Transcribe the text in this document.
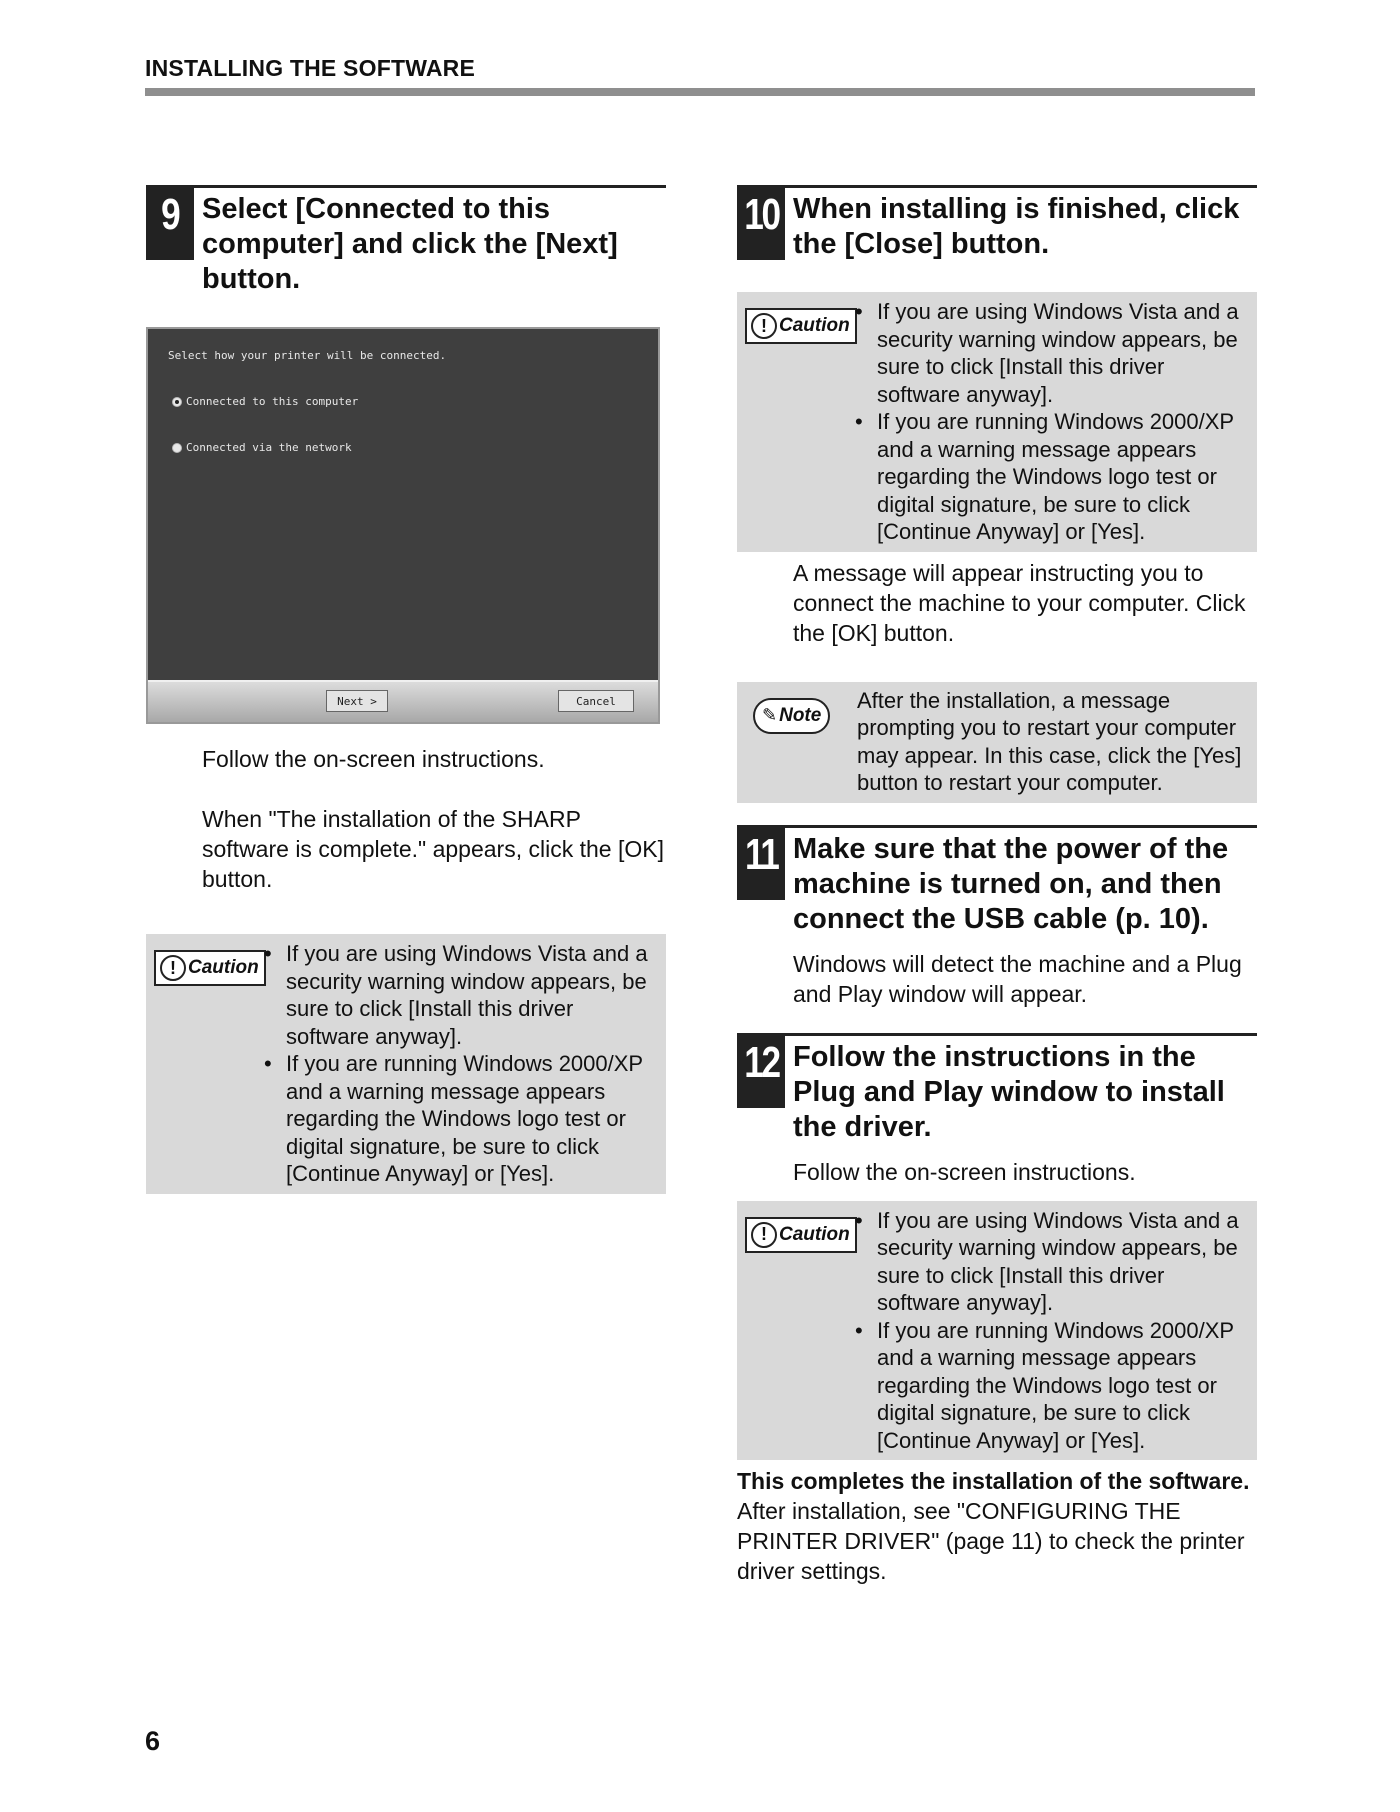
INSTALLING THE SOFTWARE
9 Select [Connected to this computer] and click the [Next] button.
Select how your printer will be connected.
Connected to this computer
Connected via the network
Next >	Cancel
Follow the on-screen instructions.
When "The installation of the SHARP software is complete." appears, click the [OK] button.
! Caution
• If you are using Windows Vista and a security warning window appears, be sure to click [Install this driver software anyway].
• If you are running Windows 2000/XP and a warning message appears regarding the Windows logo test or digital signature, be sure to click [Continue Anyway] or [Yes].
10 When installing is finished, click the [Close] button.
! Caution
• If you are using Windows Vista and a security warning window appears, be sure to click [Install this driver software anyway].
• If you are running Windows 2000/XP and a warning message appears regarding the Windows logo test or digital signature, be sure to click [Continue Anyway] or [Yes].
A message will appear instructing you to connect the machine to your computer. Click the [OK] button.
✎ Note
After the installation, a message prompting you to restart your computer may appear. In this case, click the [Yes] button to restart your computer.
11 Make sure that the power of the machine is turned on, and then connect the USB cable (p. 10).
Windows will detect the machine and a Plug and Play window will appear.
12 Follow the instructions in the Plug and Play window to install the driver.
Follow the on-screen instructions.
! Caution
• If you are using Windows Vista and a security warning window appears, be sure to click [Install this driver software anyway].
• If you are running Windows 2000/XP and a warning message appears regarding the Windows logo test or digital signature, be sure to click [Continue Anyway] or [Yes].
This completes the installation of the software.
After installation, see "CONFIGURING THE PRINTER DRIVER" (page 11) to check the printer driver settings.
6
